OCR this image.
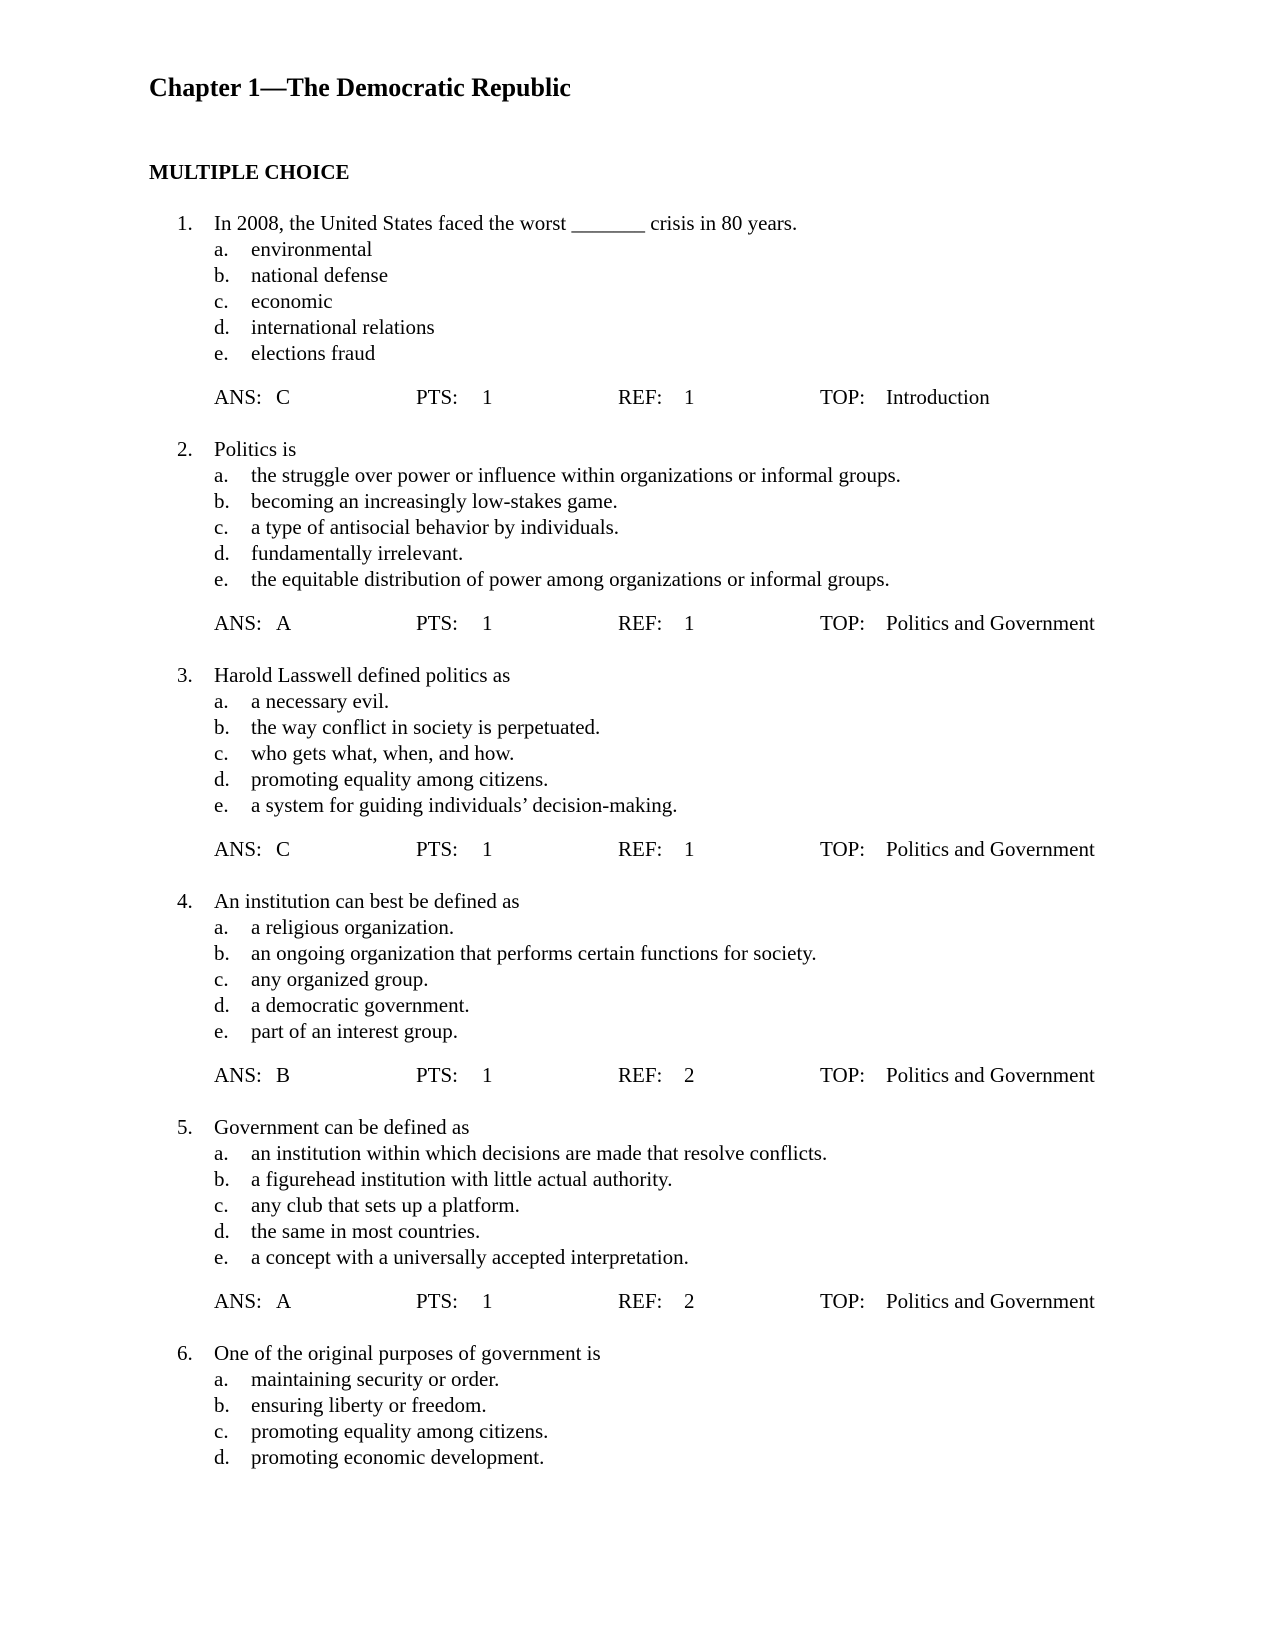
Chapter 1—The Democratic Republic
MULTIPLE CHOICE
1.	In 2008, the United States faced the worst _______ crisis in 80 years.
a. environmental
b. national defense
c. economic
d. international relations
e. elections fraud
ANS: C	PTS: 1	REF: 1	TOP: Introduction
2.	Politics is
a. the struggle over power or influence within organizations or informal groups.
b. becoming an increasingly low-stakes game.
c. a type of antisocial behavior by individuals.
d. fundamentally irrelevant.
e. the equitable distribution of power among organizations or informal groups.
ANS: A	PTS: 1	REF: 1	TOP: Politics and Government
3.	Harold Lasswell defined politics as
a. a necessary evil.
b. the way conflict in society is perpetuated.
c. who gets what, when, and how.
d. promoting equality among citizens.
e. a system for guiding individuals’ decision-making.
ANS: C	PTS: 1	REF: 1	TOP: Politics and Government
4.	An institution can best be defined as
a. a religious organization.
b. an ongoing organization that performs certain functions for society.
c. any organized group.
d. a democratic government.
e. part of an interest group.
ANS: B	PTS: 1	REF: 2	TOP: Politics and Government
5.	Government can be defined as
a. an institution within which decisions are made that resolve conflicts.
b. a figurehead institution with little actual authority.
c. any club that sets up a platform.
d. the same in most countries.
e. a concept with a universally accepted interpretation.
ANS: A	PTS: 1	REF: 2	TOP: Politics and Government
6.	One of the original purposes of government is
a. maintaining security or order.
b. ensuring liberty or freedom.
c. promoting equality among citizens.
d. promoting economic development.
